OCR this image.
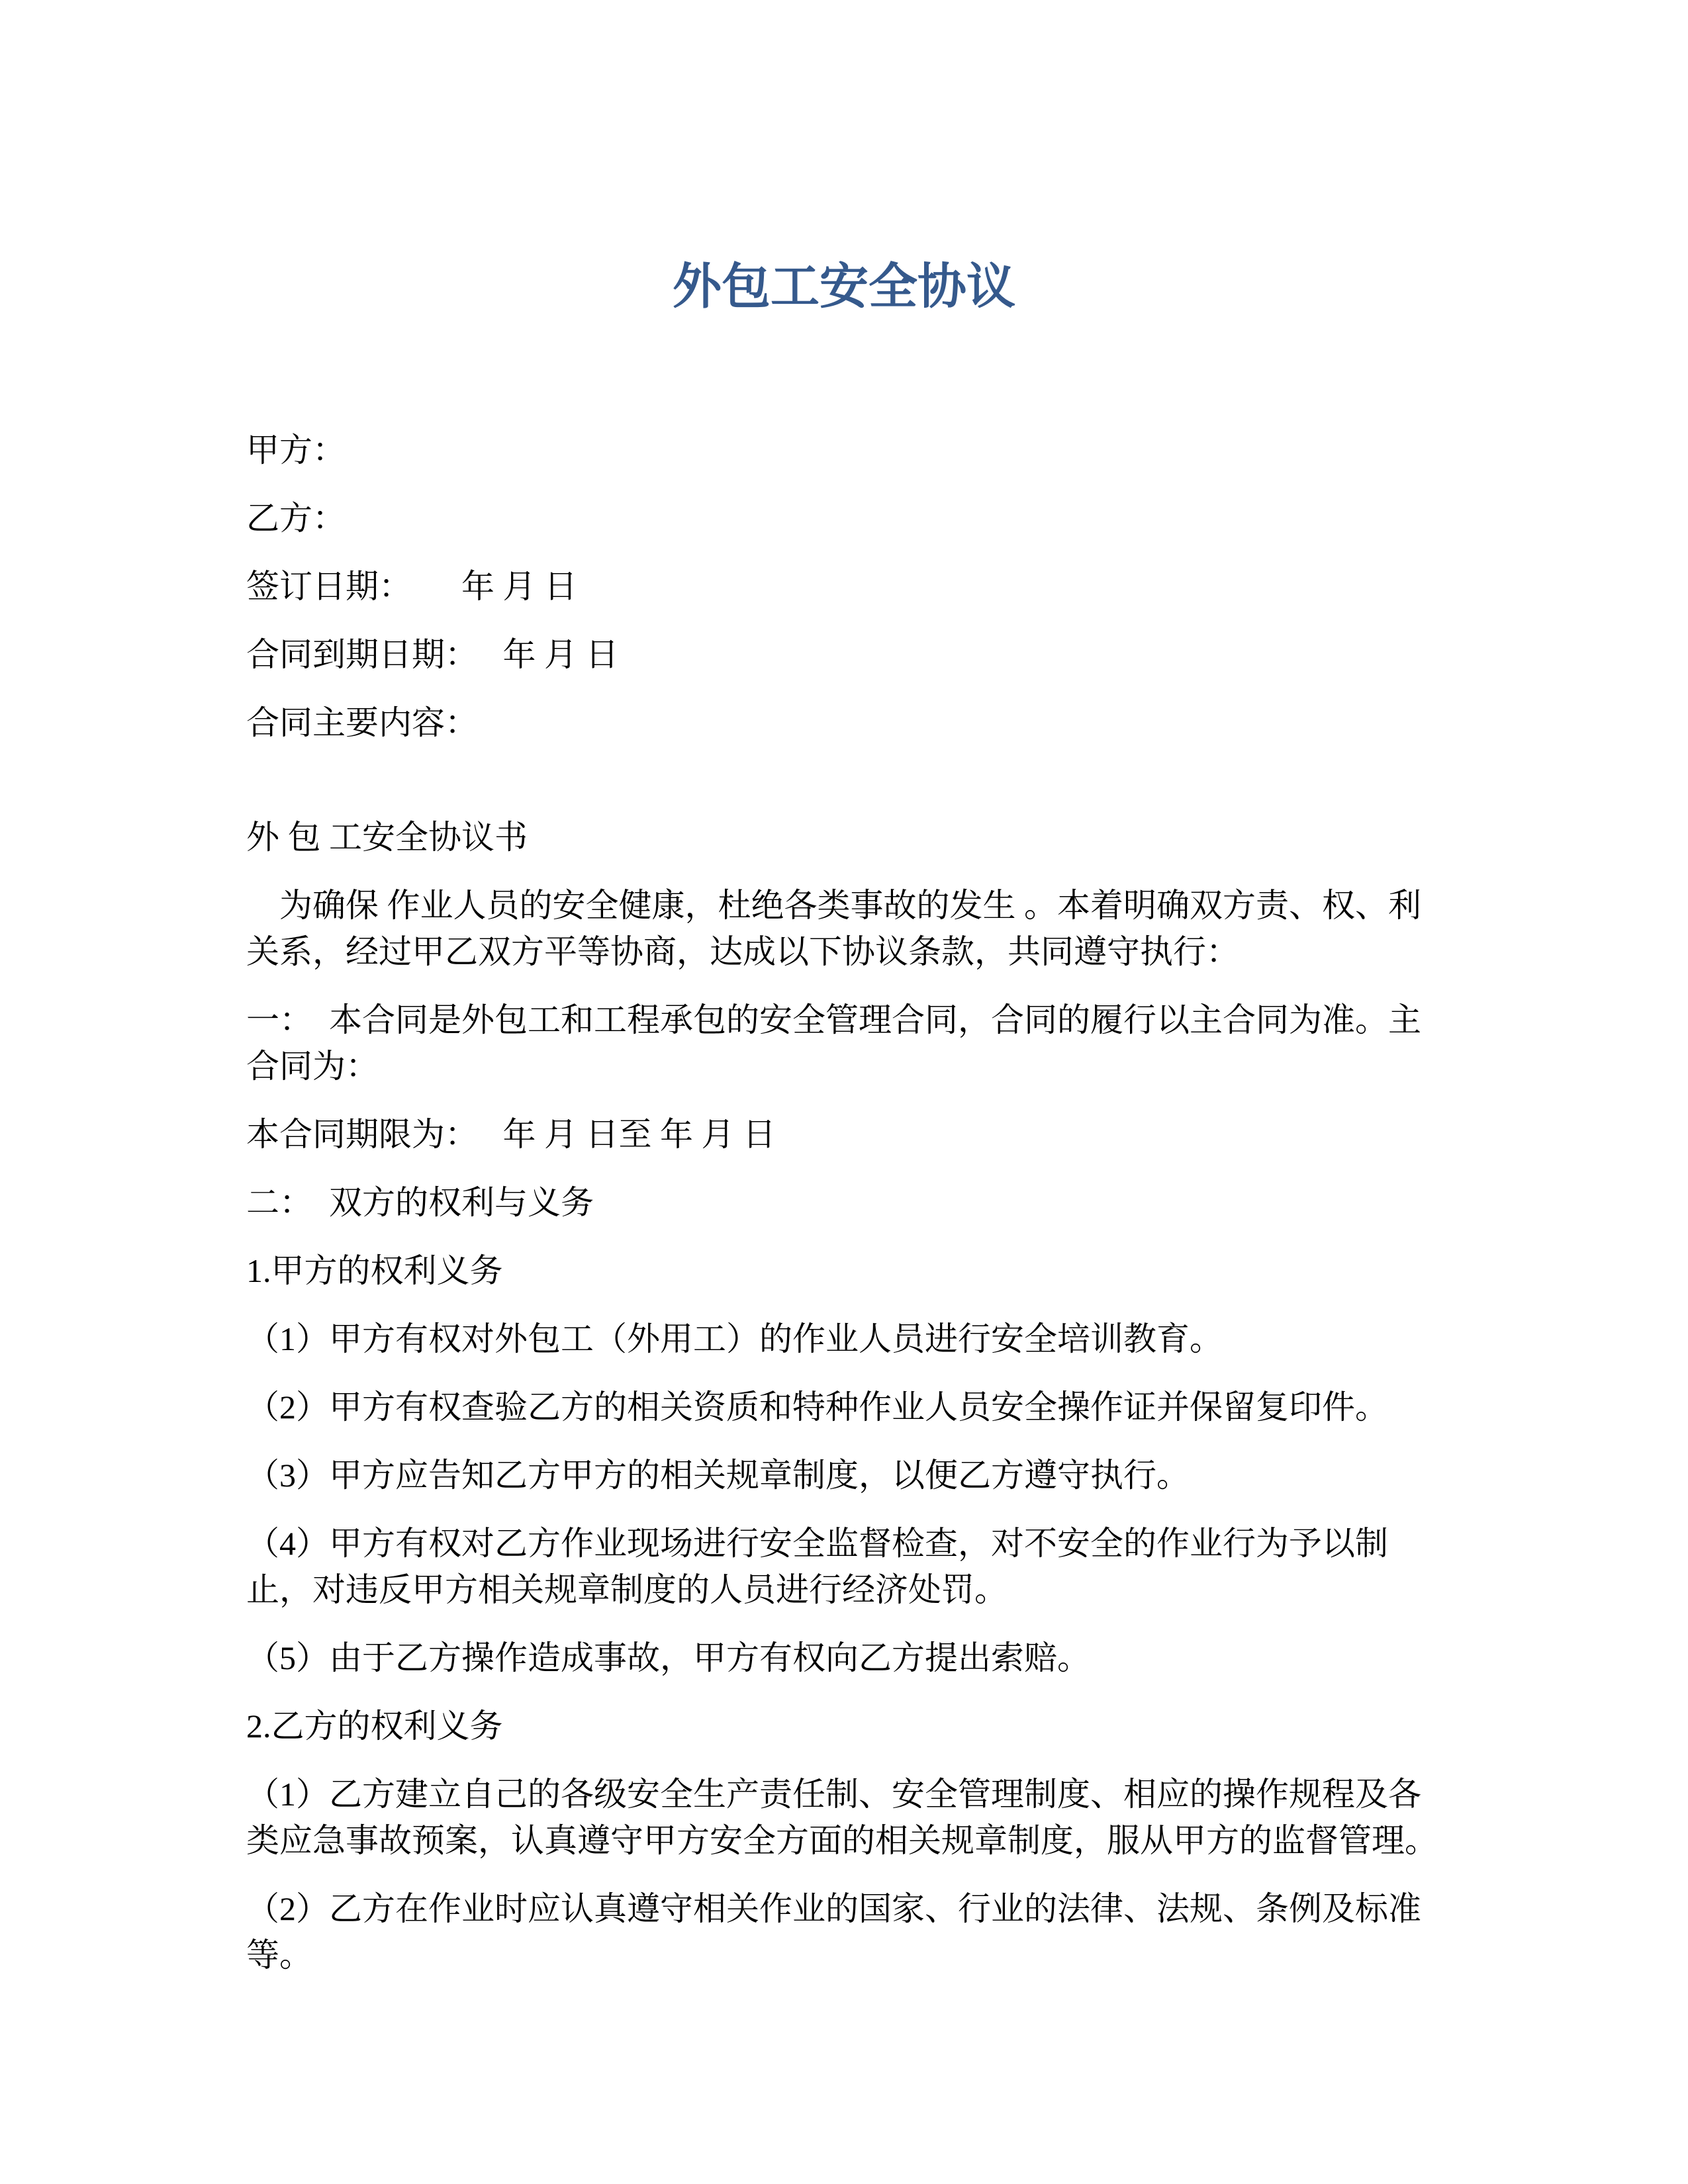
外包工安全协议

甲方：

乙方：

签订日期：　　年 月 日

合同到期日期：　 年 月 日

合同主要内容：

外 包 工安全协议书

为确保 作业人员的安全健康，杜绝各类事故的发生 。本着明确双方责、权、利关系，经过甲乙双方平等协商，达成以下协议条款，共同遵守执行：

一：　本合同是外包工和工程承包的安全管理合同，合同的履行以主合同为准。主合同为：

本合同期限为：　 年 月 日至 年 月 日

二：　双方的权利与义务

1.甲方的权利义务

（1）甲方有权对外包工（外用工）的作业人员进行安全培训教育。

（2）甲方有权查验乙方的相关资质和特种作业人员安全操作证并保留复印件。

（3）甲方应告知乙方甲方的相关规章制度，以便乙方遵守执行。

（4）甲方有权对乙方作业现场进行安全监督检查，对不安全的作业行为予以制止，对违反甲方相关规章制度的人员进行经济处罚。

（5）由于乙方操作造成事故，甲方有权向乙方提出索赔。

2.乙方的权利义务

（1）乙方建立自己的各级安全生产责任制、安全管理制度、相应的操作规程及各类应急事故预案，认真遵守甲方安全方面的相关规章制度，服从甲方的监督管理。

（2）乙方在作业时应认真遵守相关作业的国家、行业的法律、法规、条例及标准等。
